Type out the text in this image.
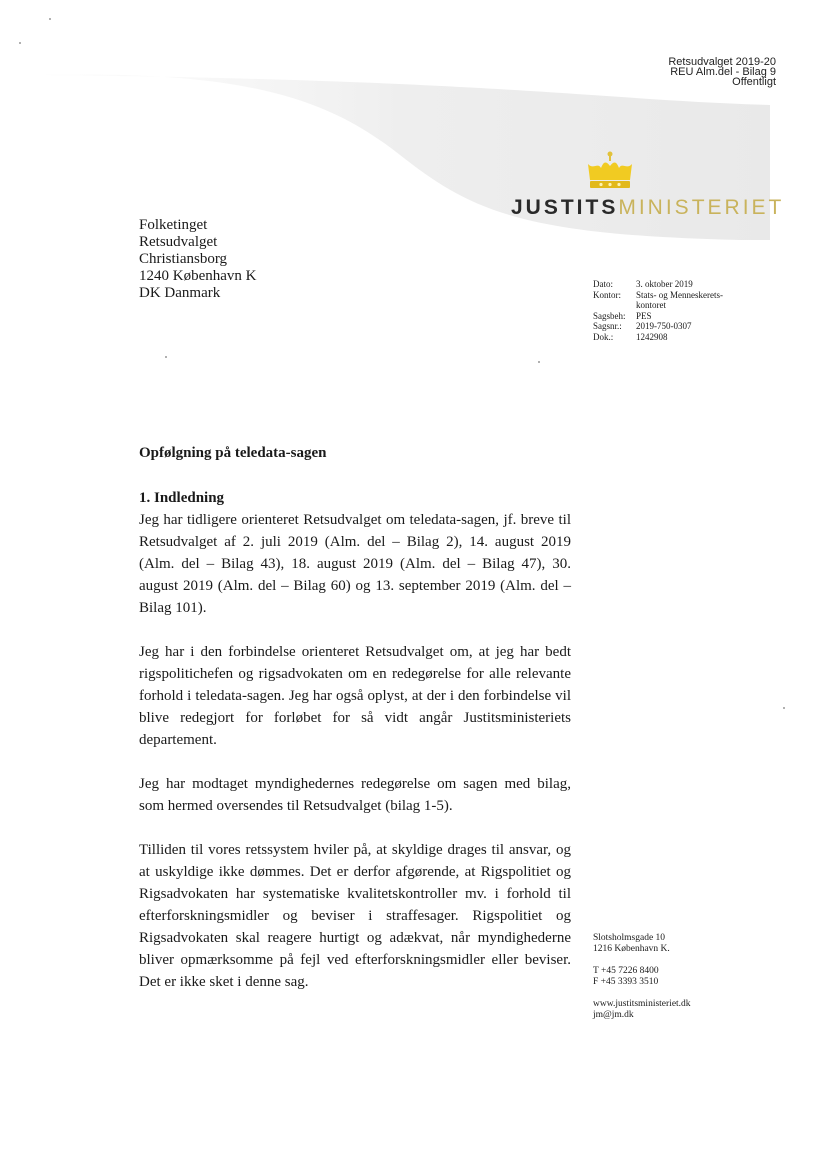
Retsudvalget 2019-20
REU Alm.del - Bilag 9
Offentligt
JUSTITSMINISTERIET
Folketinget
Retsudvalget
Christiansborg
1240 København K
DK Danmark
Dato:	3. oktober 2019
Kontor:	Stats- og Menneskerets-
	kontoret
Sagsbeh:	PES
Sagsnr.:	2019-750-0307
Dok.:	1242908
Opfølgning på teledata-sagen
1. Indledning

Jeg har tidligere orienteret Retsudvalget om teledata-sagen, jf. breve til Retsudvalget af 2. juli 2019 (Alm. del – Bilag 2), 14. august 2019 (Alm. del – Bilag 43), 18. august 2019 (Alm. del – Bilag 47), 30. august 2019 (Alm. del – Bilag 60) og 13. september 2019 (Alm. del – Bilag 101).

Jeg har i den forbindelse orienteret Retsudvalget om, at jeg har bedt rigspolitichefen og rigsadvokaten om en redegørelse for alle relevante forhold i teledata-sagen. Jeg har også oplyst, at der i den forbindelse vil blive redegjort for forløbet for så vidt angår Justitsministeriets departement.

Jeg har modtaget myndighedernes redegørelse om sagen med bilag, som hermed oversendes til Retsudvalget (bilag 1-5).

Tilliden til vores retssystem hviler på, at skyldige drages til ansvar, og at uskyldige ikke dømmes. Det er derfor afgørende, at Rigspolitiet og Rigsadvokaten har systematiske kvalitetskontroller mv. i forhold til efterforskningsmidler og beviser i straffesager. Rigspolitiet og Rigsadvokaten skal reagere hurtigt og adækvat, når myndighederne bliver opmærksomme på fejl ved efterforskningsmidler eller beviser. Det er ikke sket i denne sag.

Slotsholmsgade 10
1216 København K.
T +45 7226 8400
F +45 3393 3510
www.justitsministeriet.dk
jm@jm.dk
